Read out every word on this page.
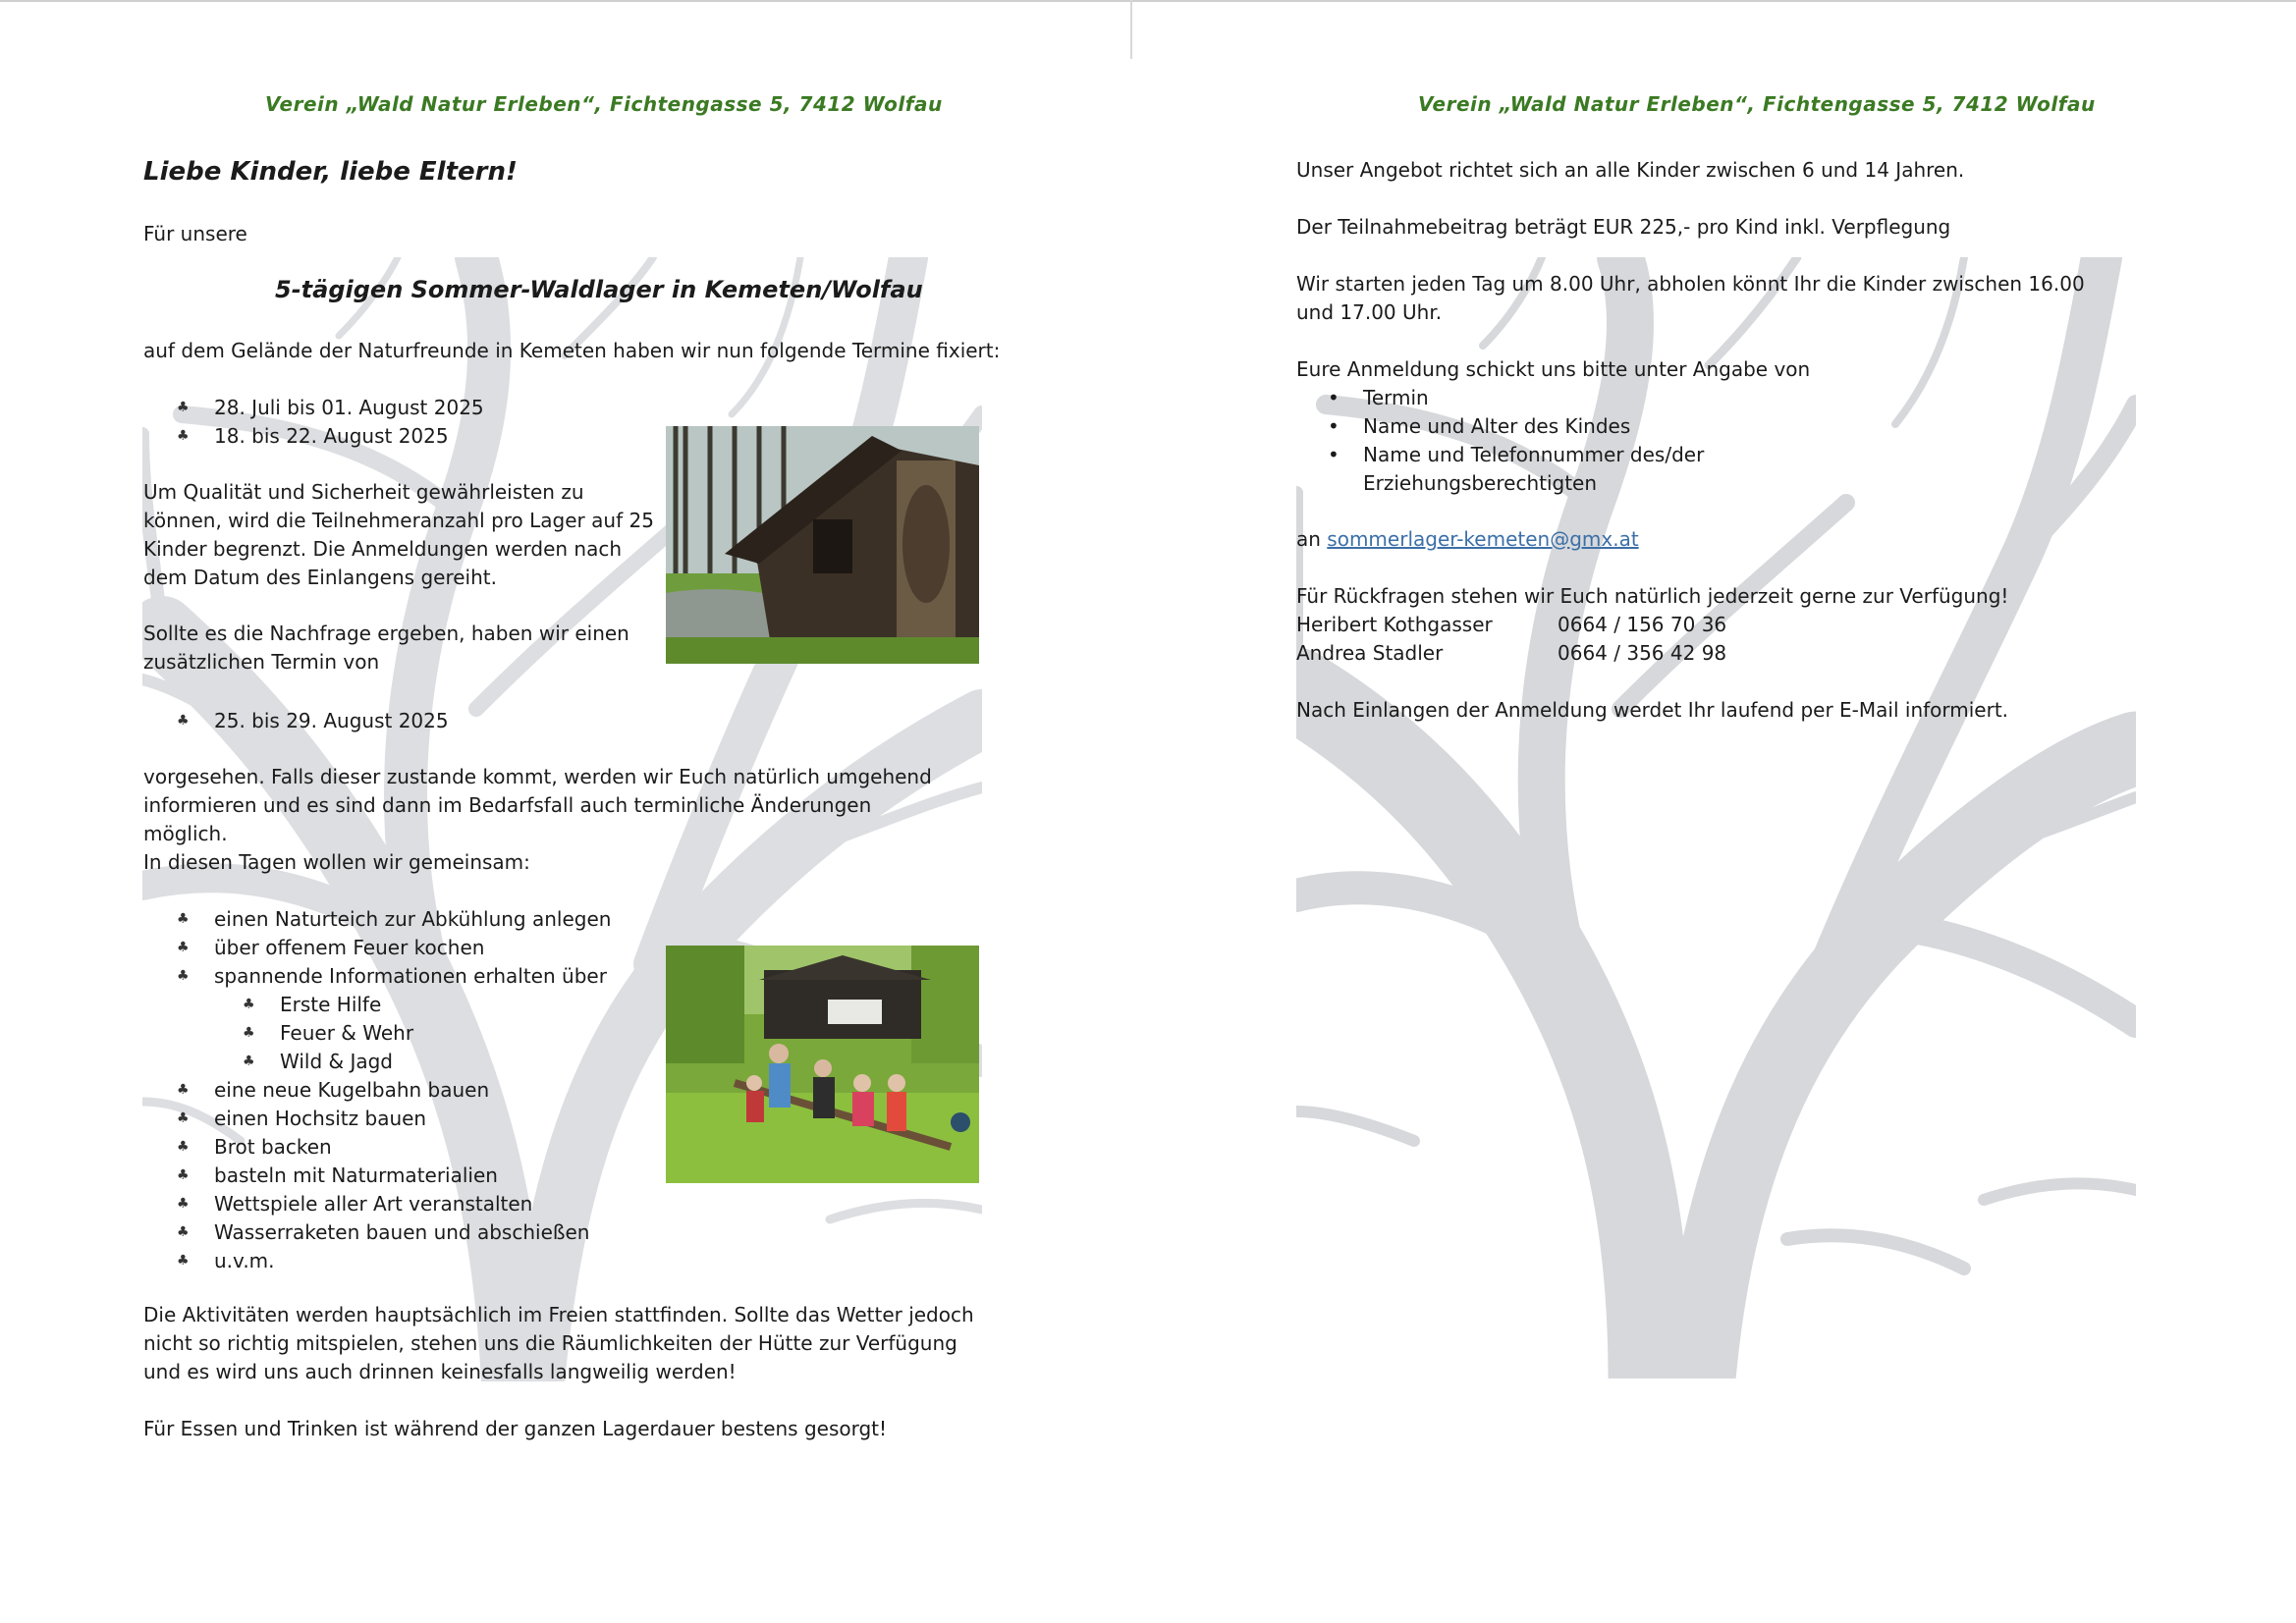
Verein „Wald Natur Erleben“, Fichtengasse 5, 7412 Wolfau
Liebe Kinder, liebe Eltern!
Für unsere
5-tägigen Sommer-Waldlager in Kemeten/Wolfau
auf dem Gelände der Naturfreunde in Kemeten haben wir nun folgende Termine fixiert:
♣	28. Juli bis 01. August 2025
♣	18. bis 22. August 2025
Um Qualität und Sicherheit gewährleisten zu können, wird die Teilnehmeranzahl pro Lager auf 25 Kinder begrenzt. Die Anmeldungen werden nach dem Datum des Einlangens gereiht.
Sollte es die Nachfrage ergeben, haben wir einen zusätzlichen Termin von
♣	25. bis 29. August 2025
vorgesehen. Falls dieser zustande kommt, werden wir Euch natürlich umgehend informieren und es sind dann im Bedarfsfall auch terminliche Änderungen möglich.
In diesen Tagen wollen wir gemeinsam:
♣	einen Naturteich zur Abkühlung anlegen
♣	über offenem Feuer kochen
♣	spannende Informationen erhalten über
♣	Erste Hilfe
♣	Feuer & Wehr
♣	Wild & Jagd
♣	eine neue Kugelbahn bauen
♣	einen Hochsitz bauen
♣	Brot backen
♣	basteln mit Naturmaterialien
♣	Wettspiele aller Art veranstalten
♣	Wasserraketen bauen und abschießen
♣	u.v.m.
Die Aktivitäten werden hauptsächlich im Freien stattfinden. Sollte das Wetter jedoch nicht so richtig mitspielen, stehen uns die Räumlichkeiten der Hütte zur Verfügung und es wird uns auch drinnen keinesfalls langweilig werden!
Für Essen und Trinken ist während der ganzen Lagerdauer bestens gesorgt!
Verein „Wald Natur Erleben“, Fichtengasse 5, 7412 Wolfau
Unser Angebot richtet sich an alle Kinder zwischen 6 und 14 Jahren.
Der Teilnahmebeitrag beträgt EUR 225,- pro Kind inkl. Verpflegung
Wir starten jeden Tag um 8.00 Uhr, abholen könnt Ihr die Kinder zwischen 16.00 und 17.00 Uhr.
Eure Anmeldung schickt uns bitte unter Angabe von
• Termin
• Name und Alter des Kindes
• Name und Telefonnummer des/der Erziehungsberechtigten
an sommerlager-kemeten@gmx.at
Für Rückfragen stehen wir Euch natürlich jederzeit gerne zur Verfügung!
Heribert Kothgasser	0664 / 156 70 36
Andrea Stadler	0664 / 356 42 98
Nach Einlangen der Anmeldung werdet Ihr laufend per E-Mail informiert.
